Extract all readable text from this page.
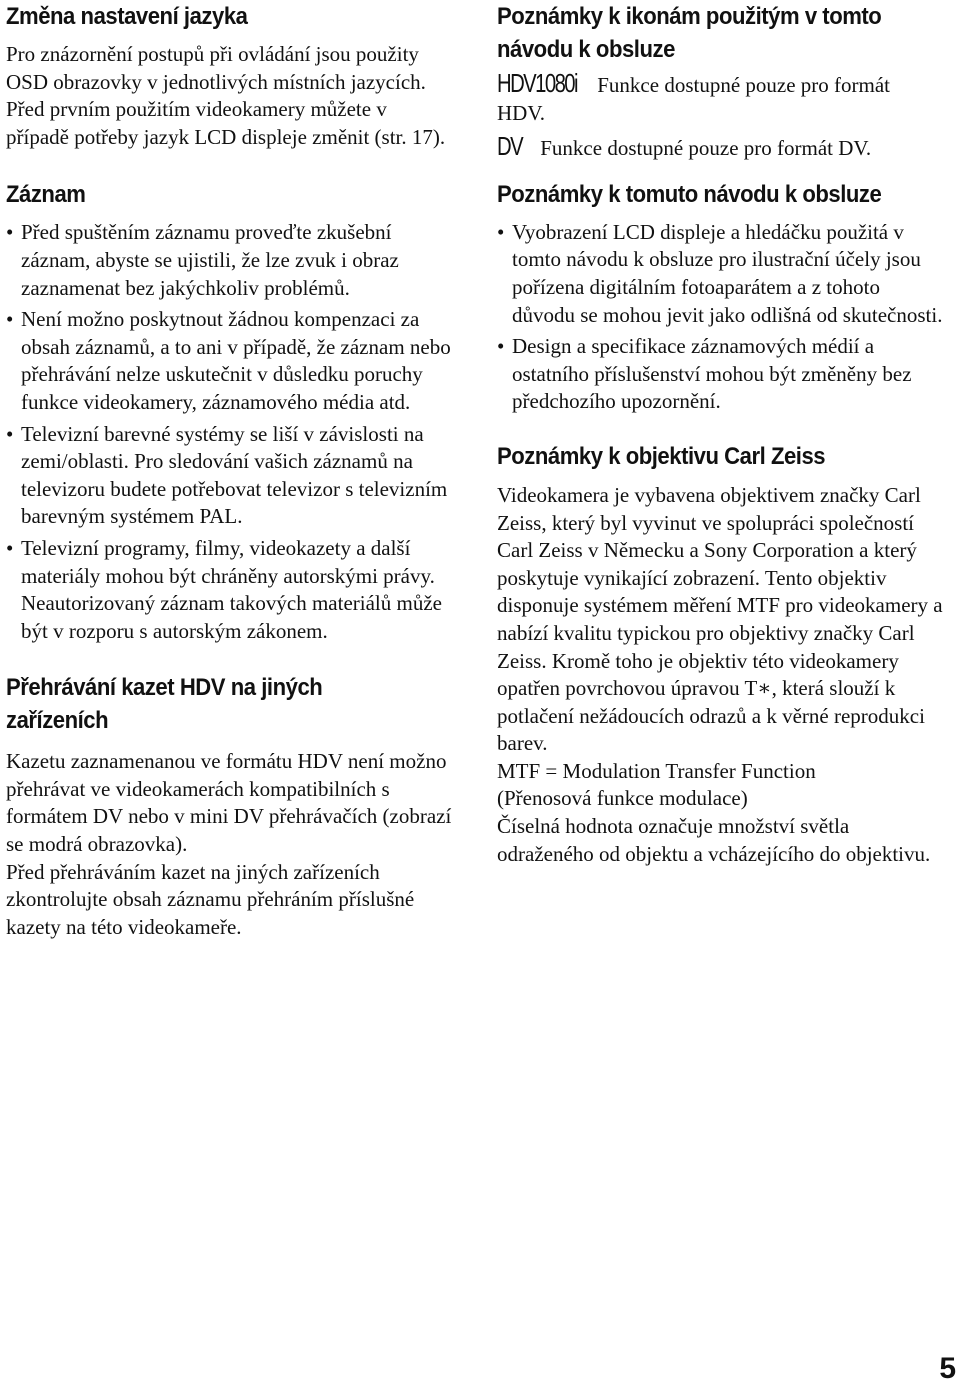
Změna nastavení jazyka

Pro znázornění postupů při ovládání jsou použity OSD obrazovky v jednotlivých místních jazycích. Před prvním použitím videokamery můžete v případě potřeby jazyk LCD displeje změnit (str. 17).

Záznam
• Před spuštěním záznamu proveďte zkušební záznam, abyste se ujistili, že lze zvuk i obraz zaznamenat bez jakýchkoliv problémů.
• Není možno poskytnout žádnou kompenzaci za obsah záznamů, a to ani v případě, že záznam nebo přehrávání nelze uskutečnit v důsledku poruchy funkce videokamery, záznamového média atd.
• Televizní barevné systémy se liší v závislosti na zemi/oblasti. Pro sledování vašich záznamů na televizoru budete potřebovat televizor s televizním barevným systémem PAL.
• Televizní programy, filmy, videokazety a další materiály mohou být chráněny autorskými právy. Neautorizovaný záznam takových materiálů může být v rozporu s autorským zákonem.
Přehrávání kazet HDV na jiných
zařízeních

Kazetu zaznamenanou ve formátu HDV není možno přehrávat ve videokamerách kompatibilních s formátem DV nebo v mini DV přehrávačích (zobrazí se modrá obrazovka).

Před přehráváním kazet na jiných zařízeních zkontrolujte obsah záznamu přehráním příslušné kazety na této videokameře.

Poznámky k ikonám použitým v tomto
návodu k obsluze

HDV1080i Funkce dostupné pouze pro formát HDV.

DV Funkce dostupné pouze pro formát DV.

Poznámky k tomuto návodu k obsluze
• Vyobrazení LCD displeje a hledáčku použitá v tomto návodu k obsluze pro ilustrační účely jsou pořízena digitálním fotoaparátem a z tohoto důvodu se mohou jevit jako odlišná od skutečnosti.
• Design a specifikace záznamových médií a ostatního příslušenství mohou být změněny bez předchozího upozornění.
Poznámky k objektivu Carl Zeiss

Videokamera je vybavena objektivem značky Carl Zeiss, který byl vyvinut ve spolupráci společností Carl Zeiss v Německu a Sony Corporation a který poskytuje vynikající zobrazení. Tento objektiv disponuje systémem měření MTF pro videokamery a nabízí kvalitu typickou pro objektivy značky Carl Zeiss. Kromě toho je objektiv této videokamery opatřen povrchovou úpravou T∗, která slouží k potlačení nežádoucích odrazů a k věrné reprodukci barev.

MTF = Modulation Transfer Function

(Přenosová funkce modulace)

Číselná hodnota označuje množství světla odraženého od objektu a vcházejícího do objektivu.

5
